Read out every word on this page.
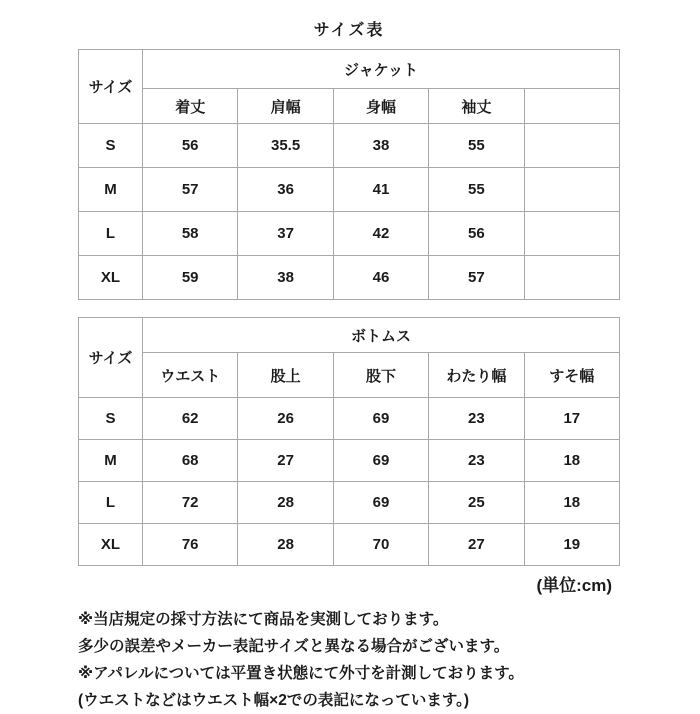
サイズ表
サイズ	ジャケット				
	着丈	肩幅	身幅	袖丈	
S	56	35.5	38	55	
M	57	36	41	55	
L	58	37	42	56	
XL	59	38	46	57	
サイズ	ボトムス				
	ウエスト	股上	股下	わたり幅	すそ幅
S	62	26	69	23	17
M	68	27	69	23	18
L	72	28	69	25	18
XL	76	28	70	27	19
(単位:cm)
※当店規定の採寸方法にて商品を実測しております。
多少の誤差やメーカー表記サイズと異なる場合がございます。
※アパレルについては平置き状態にて外寸を計測しております。
(ウエストなどはウエスト幅×2での表記になっています。)
